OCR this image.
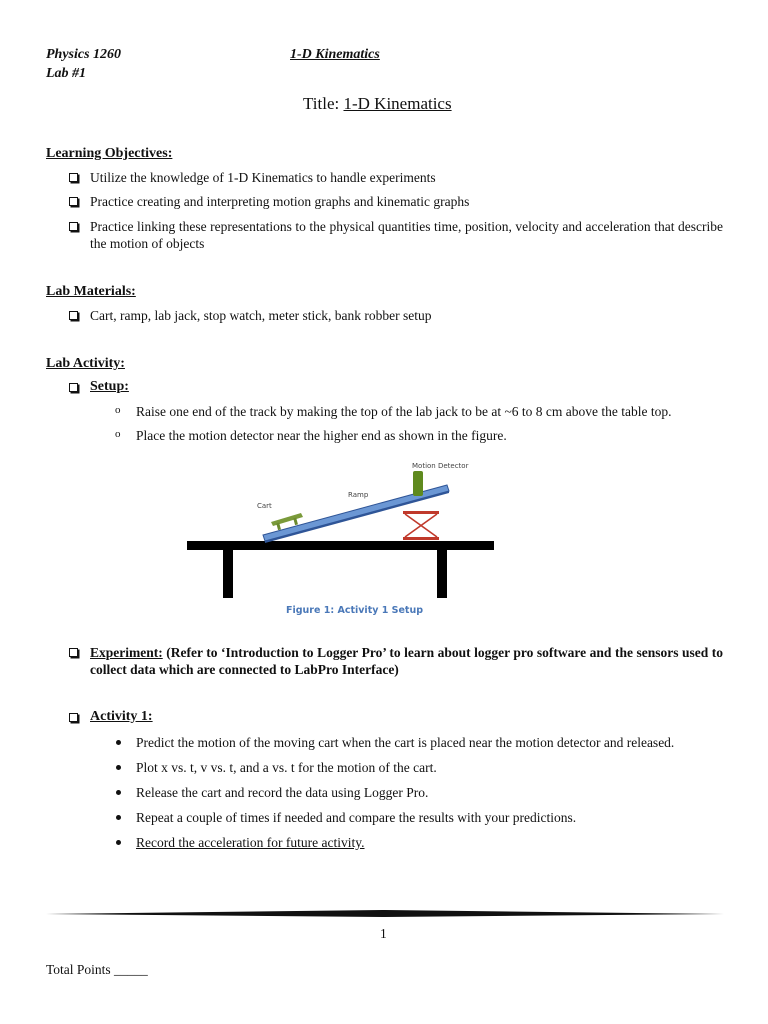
Physics 1260
Lab #1
1-D Kinematics
Title: 1-D Kinematics
Learning Objectives:
Utilize the knowledge of 1-D Kinematics to handle experiments
Practice creating and interpreting motion graphs and kinematic graphs
Practice linking these representations to the physical quantities time, position, velocity and acceleration that describe the motion of objects
Lab Materials:
Cart, ramp, lab jack, stop watch, meter stick, bank robber setup
Lab Activity:
Setup:
o Raise one end of the track by making the top of the lab jack to be at ~6 to 8 cm above the table top.
o Place the motion detector near the higher end as shown in the figure.
Motion Detector
Ramp
Cart
Figure 1: Activity 1 Setup
Experiment: (Refer to ‘Introduction to Logger Pro’ to learn about logger pro software and the sensors used to collect data which are connected to LabPro Interface)
Activity 1:
Predict the motion of the moving cart when the cart is placed near the motion detector and released.
Plot x vs. t, v vs. t, and a vs. t for the motion of the cart.
Release the cart and record the data using Logger Pro.
Repeat a couple of times if needed and compare the results with your predictions.
Record the acceleration for future activity.
1
Total Points _____
